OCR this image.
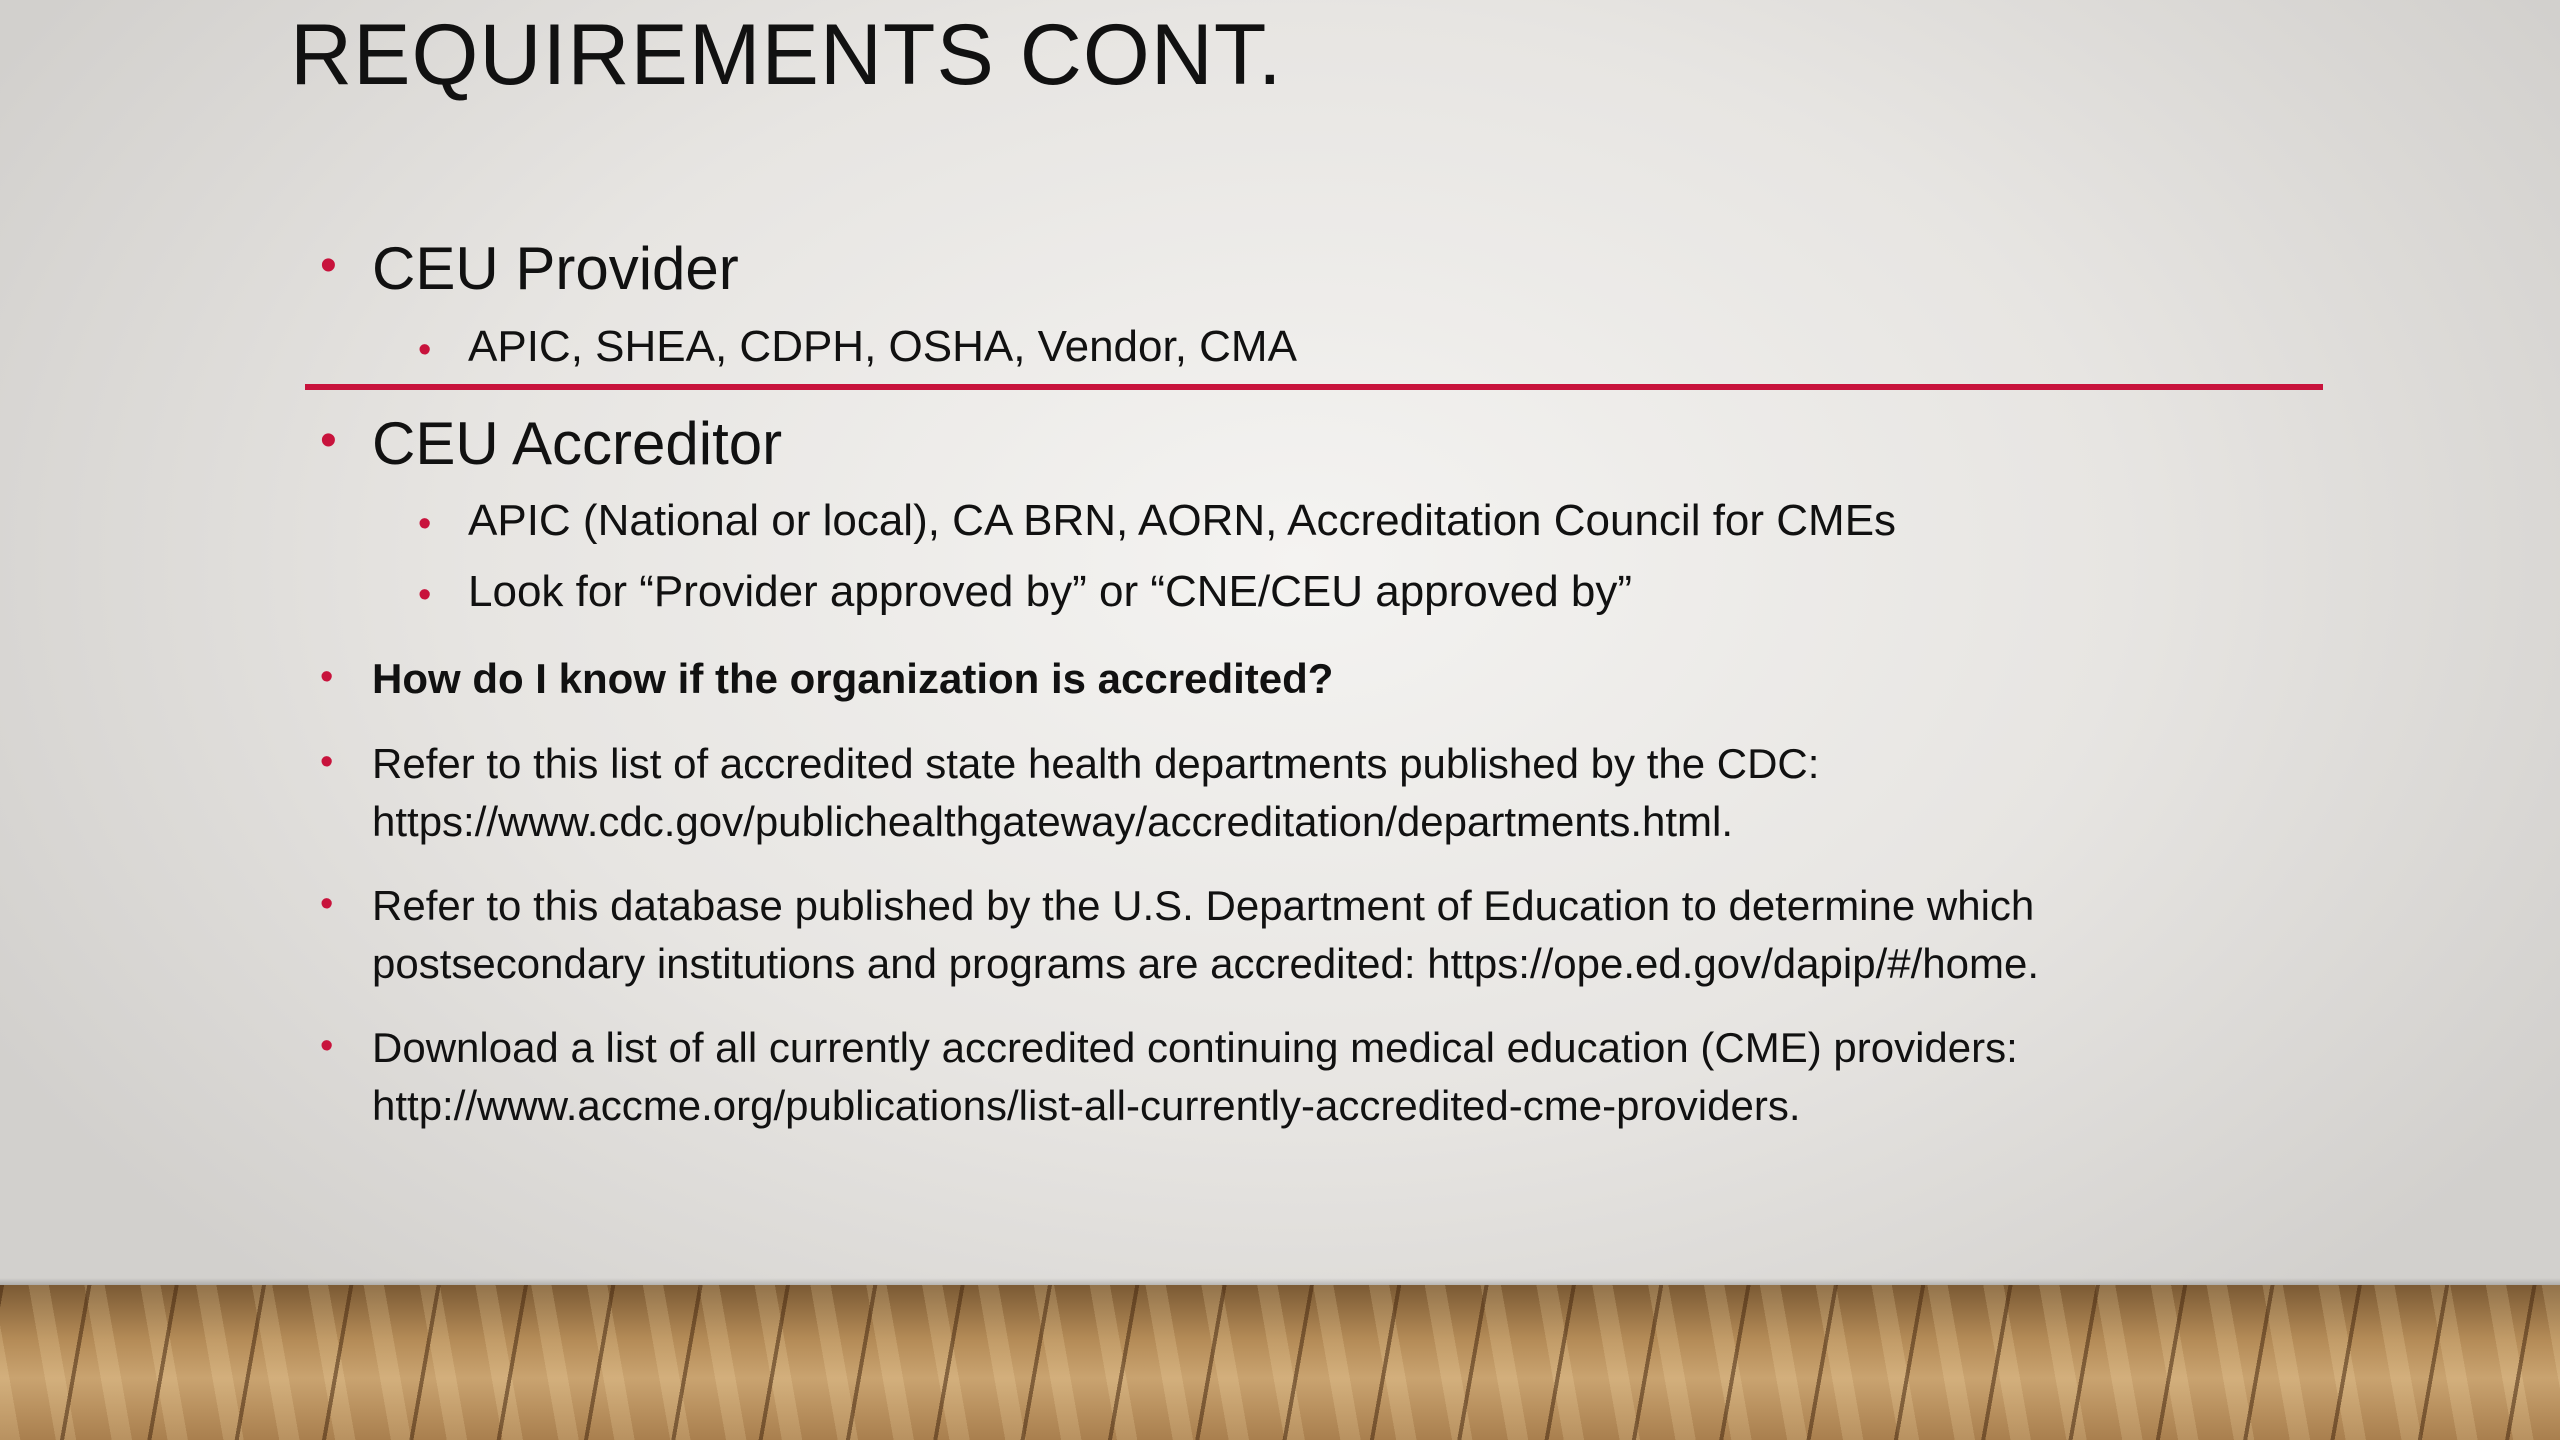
REQUIREMENTS CONT.
• CEU Provider

• APIC, SHEA, CDPH, OSHA, Vendor, CMA

• CEU Accreditor

• APIC (National or local), CA BRN, AORN, Accreditation Council for CMEs

• Look for “Provider approved by” or “CNE/CEU approved by”

• How do I know if the organization is accredited?

• Refer to this list of accredited state health departments published by the CDC:
https://www.cdc.gov/publichealthgateway/accreditation/departments.html.
• Refer to this database published by the U.S. Department of Education to determine which
postsecondary institutions and programs are accredited: https://ope.ed.gov/dapip/#/home.
• Download a list of all currently accredited continuing medical education (CME) providers:
http://www.accme.org/publications/list-all-currently-accredited-cme-providers.
